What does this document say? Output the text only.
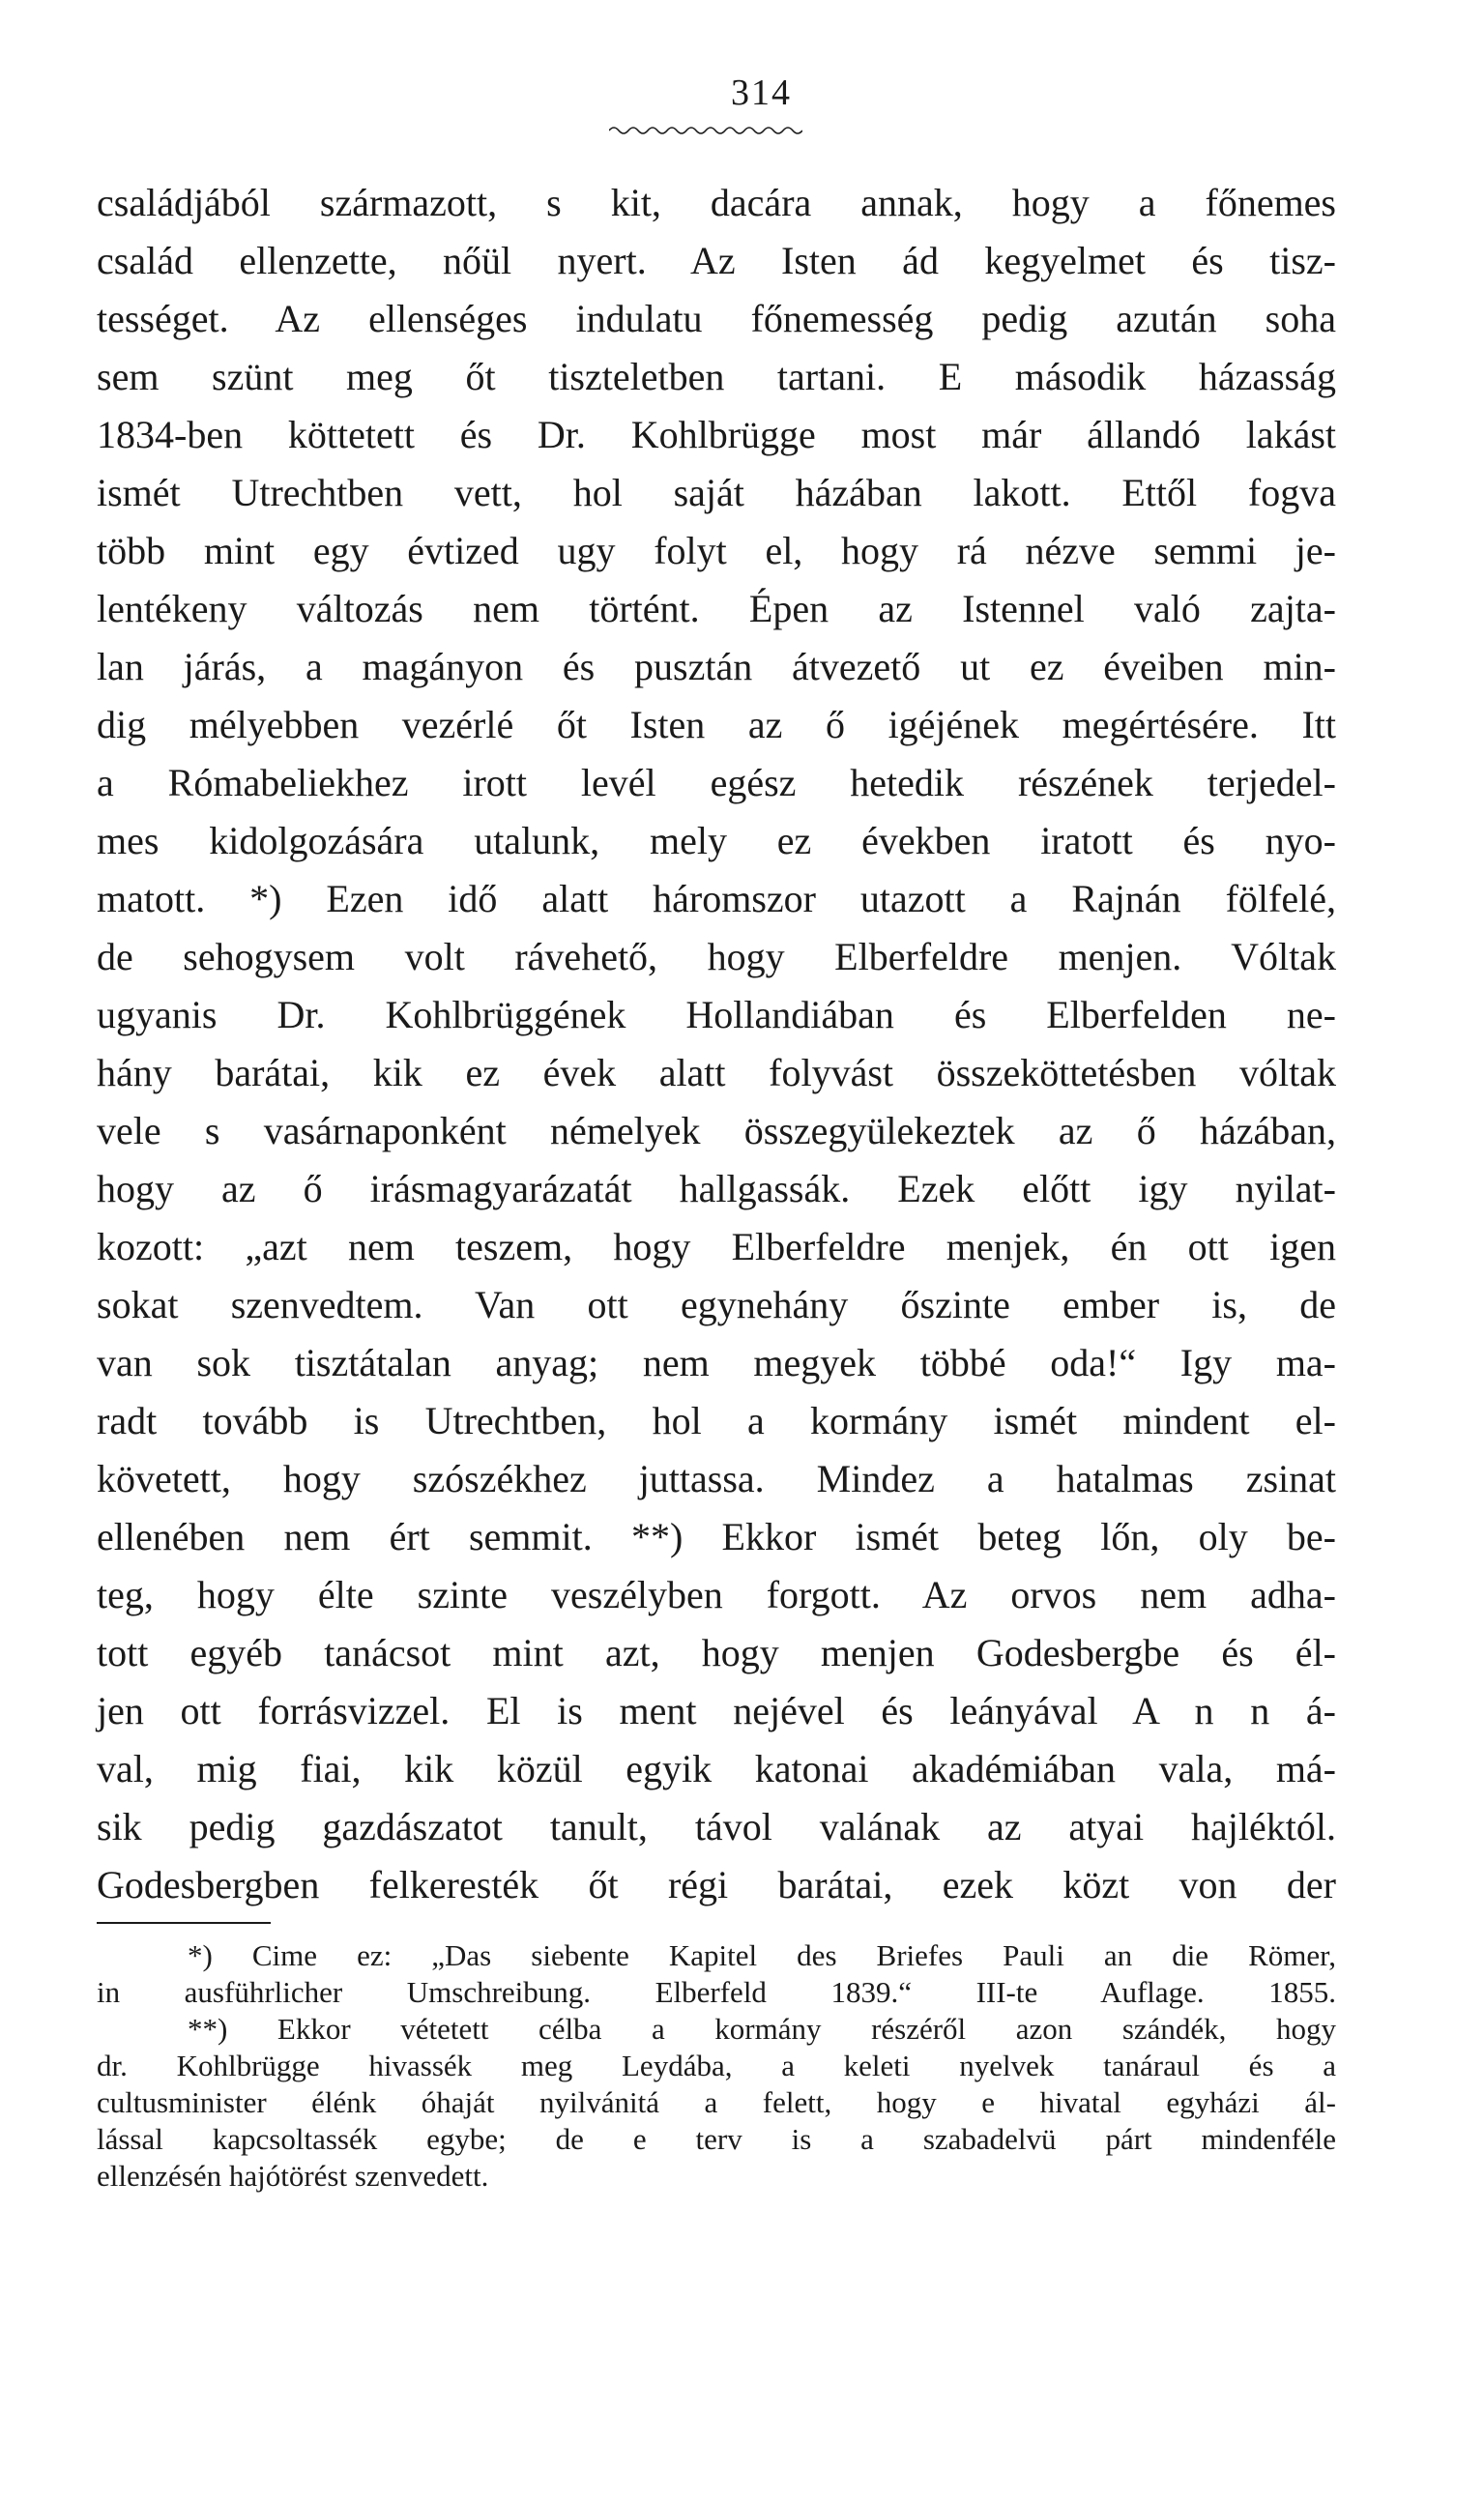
314
családjából származott, s kit, dacára annak, hogy a főnemes
család ellenzette, nőül nyert. Az Isten ád kegyelmet és tisz-
tességet. Az ellenséges indulatu főnemesség pedig azután soha
sem szünt meg őt tiszteletben tartani. E második házasság
1834-ben köttetett és Dr. Kohlbrügge most már állandó lakást
ismét Utrechtben vett, hol saját házában lakott. Ettől fogva
több mint egy évtized ugy folyt el, hogy rá nézve semmi je-
lentékeny változás nem történt. Épen az Istennel való zajta-
lan járás, a magányon és pusztán átvezető ut ez éveiben min-
dig mélyebben vezérlé őt Isten az ő igéjének megértésére. Itt
a Rómabeliekhez irott levél egész hetedik részének terjedel-
mes kidolgozására utalunk, mely ez években iratott és nyo-
matott. *) Ezen idő alatt háromszor utazott a Rajnán fölfelé,
de sehogysem volt rávehető, hogy Elberfeldre menjen. Vóltak
ugyanis Dr. Kohlbrüggének Hollandiában és Elberfelden ne-
hány barátai, kik ez évek alatt folyvást összeköttetésben vóltak
vele s vasárnaponként némelyek összegyülekeztek az ő házában,
hogy az ő irásmagyarázatát hallgassák. Ezek előtt igy nyilat-
kozott: „azt nem teszem, hogy Elberfeldre menjek, én ott igen
sokat szenvedtem. Van ott egynehány őszinte ember is, de
van sok tisztátalan anyag; nem megyek többé oda!“ Igy ma-
radt tovább is Utrechtben, hol a kormány ismét mindent el-
követett, hogy szószékhez juttassa. Mindez a hatalmas zsinat
ellenében nem ért semmit. **) Ekkor ismét beteg lőn, oly be-
teg, hogy élte szinte veszélyben forgott. Az orvos nem adha-
tott egyéb tanácsot mint azt, hogy menjen Godesbergbe és él-
jen ott forrásvizzel. El is ment nejével és leányával A n n á-
val, mig fiai, kik közül egyik katonai akadémiában vala, má-
sik pedig gazdászatot tanult, távol valának az atyai hajléktól.
Godesbergben felkeresték őt régi barátai, ezek közt von der
*) Cime ez: „Das siebente Kapitel des Briefes Pauli an die Römer,
in ausführlicher Umschreibung. Elberfeld 1839.“ III-te Auflage. 1855.
**) Ekkor vétetett célba a kormány részéről azon szándék, hogy
dr. Kohlbrügge hivassék meg Leydába, a keleti nyelvek tanáraul és a
cultusminister élénk óhaját nyilvánitá a felett, hogy e hivatal egyházi ál-
lással kapcsoltassék egybe; de e terv is a szabadelvü párt mindenféle
ellenzésén hajótörést szenvedett.
